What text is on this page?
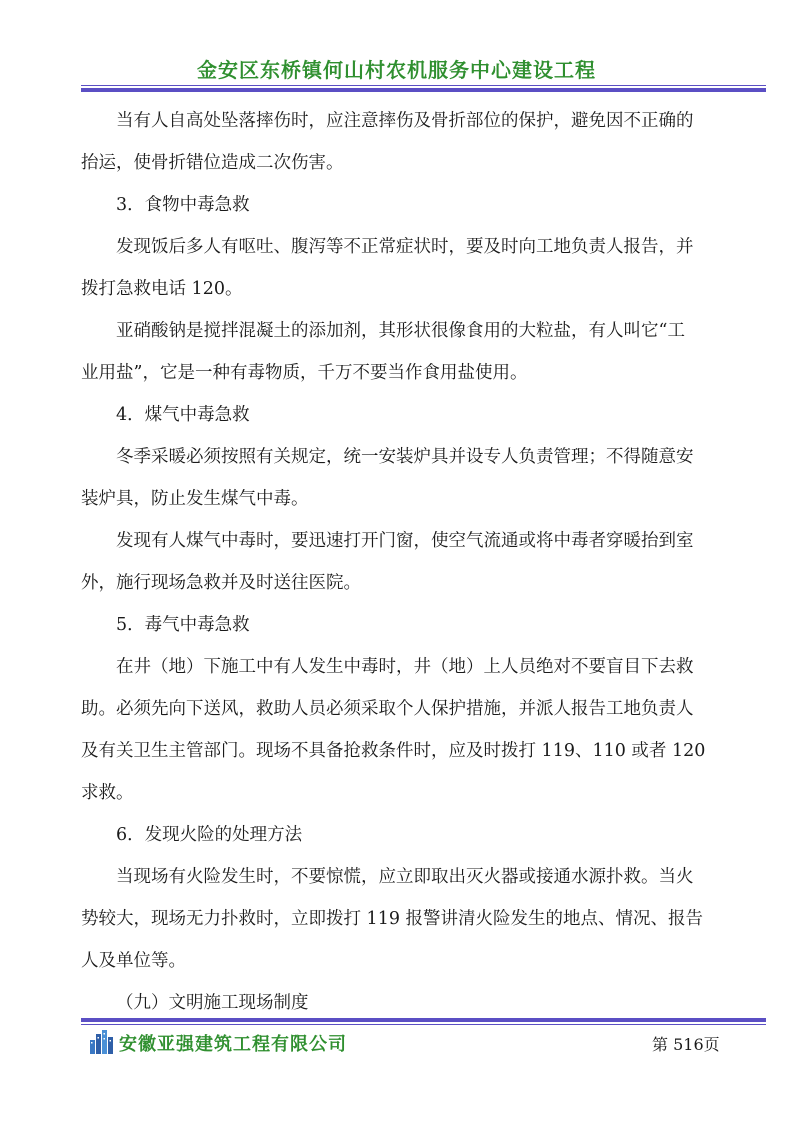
金安区东桥镇何山村农机服务中心建设工程
当有人自高处坠落摔伤时，应注意摔伤及骨折部位的保护，避免因不正确的
抬运，使骨折错位造成二次伤害。
3．食物中毒急救
发现饭后多人有呕吐、腹泻等不正常症状时，要及时向工地负责人报告，并
拨打急救电话 120。
亚硝酸钠是搅拌混凝土的添加剂，其形状很像食用的大粒盐，有人叫它“工
业用盐”，它是一种有毒物质，千万不要当作食用盐使用。
4．煤气中毒急救
冬季采暖必须按照有关规定，统一安装炉具并设专人负责管理；不得随意安
装炉具，防止发生煤气中毒。
发现有人煤气中毒时，要迅速打开门窗，使空气流通或将中毒者穿暖抬到室
外，施行现场急救并及时送往医院。
5．毒气中毒急救
在井（地）下施工中有人发生中毒时，井（地）上人员绝对不要盲目下去救
助。必须先向下送风，救助人员必须采取个人保护措施，并派人报告工地负责人
及有关卫生主管部门。现场不具备抢救条件时，应及时拨打 119、110 或者 120
求救。
6．发现火险的处理方法
当现场有火险发生时，不要惊慌，应立即取出灭火器或接通水源扑救。当火
势较大，现场无力扑救时，立即拨打 119 报警讲清火险发生的地点、情况、报告
人及单位等。
（九）文明施工现场制度
安徽亚强建筑工程有限公司	第 516页
